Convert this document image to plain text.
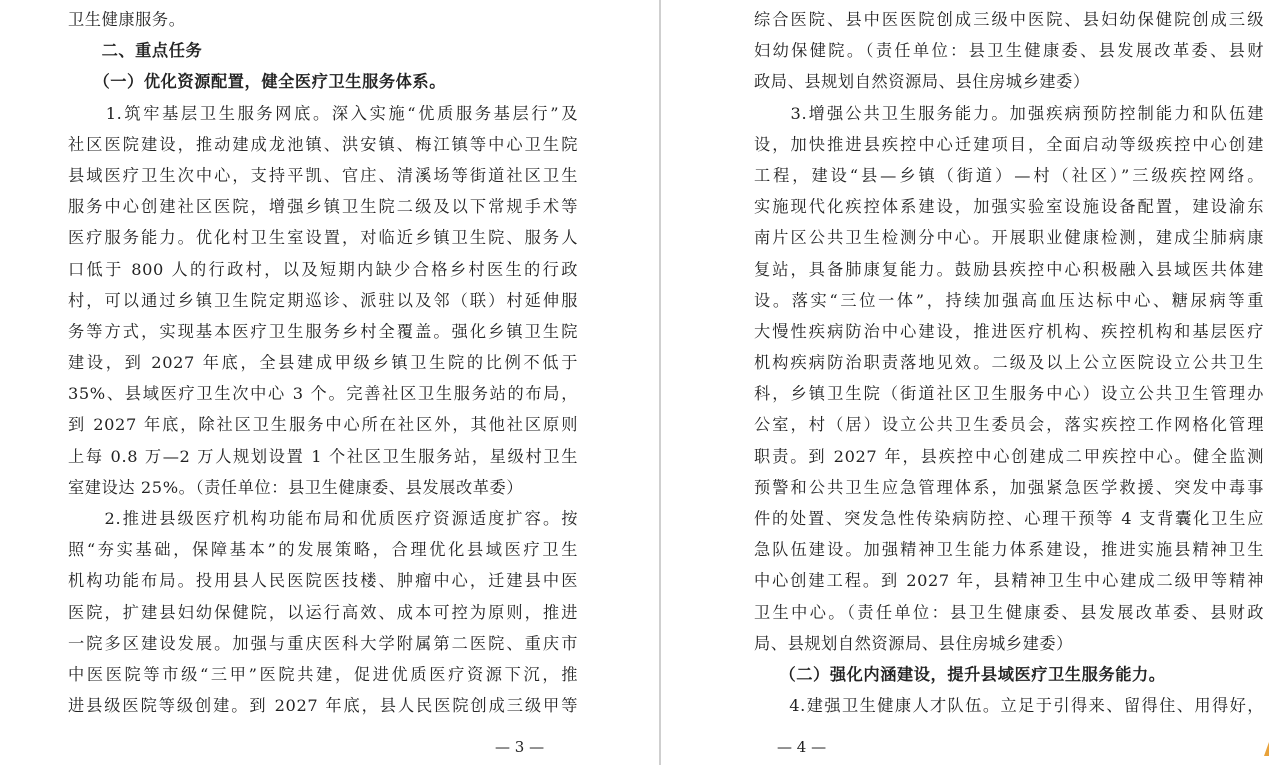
卫生健康服务。
　　二、重点任务
　　（一）优化资源配置，健全医疗卫生服务体系。
　　1.筑牢基层卫生服务网底。深入实施“优质服务基层行”及
社区医院建设，推动建成龙池镇、洪安镇、梅江镇等中心卫生院
县域医疗卫生次中心，支持平凯、官庄、清溪场等街道社区卫生
服务中心创建社区医院，增强乡镇卫生院二级及以下常规手术等
医疗服务能力。优化村卫生室设置，对临近乡镇卫生院、服务人
口低于 800 人的行政村，以及短期内缺少合格乡村医生的行政
村，可以通过乡镇卫生院定期巡诊、派驻以及邻（联）村延伸服
务等方式，实现基本医疗卫生服务乡村全覆盖。强化乡镇卫生院
建设，到 2027 年底，全县建成甲级乡镇卫生院的比例不低于
35%、县域医疗卫生次中心 3 个。完善社区卫生服务站的布局，
到 2027 年底，除社区卫生服务中心所在社区外，其他社区原则
上每 0.8 万—2 万人规划设置 1 个社区卫生服务站，星级村卫生
室建设达 25%。（责任单位：县卫生健康委、县发展改革委）
　　2.推进县级医疗机构功能布局和优质医疗资源适度扩容。按
照“夯实基础，保障基本”的发展策略，合理优化县域医疗卫生
机构功能布局。投用县人民医院医技楼、肿瘤中心，迁建县中医
医院，扩建县妇幼保健院，以运行高效、成本可控为原则，推进
一院多区建设发展。加强与重庆医科大学附属第二医院、重庆市
中医医院等市级“三甲”医院共建，促进优质医疗资源下沉，推
进县级医院等级创建。到 2027 年底，县人民医院创成三级甲等
— 3 —
综合医院、县中医医院创成三级中医院、县妇幼保健院创成三级
妇幼保健院。（责任单位：县卫生健康委、县发展改革委、县财
政局、县规划自然资源局、县住房城乡建委）
　　3.增强公共卫生服务能力。加强疾病预防控制能力和队伍建
设，加快推进县疾控中心迁建项目，全面启动等级疾控中心创建
工程，建设“县—乡镇（街道）—村（社区）”三级疾控网络。
实施现代化疾控体系建设，加强实验室设施设备配置，建设渝东
南片区公共卫生检测分中心。开展职业健康检测，建成尘肺病康
复站，具备肺康复能力。鼓励县疾控中心积极融入县域医共体建
设。落实“三位一体”，持续加强高血压达标中心、糖尿病等重
大慢性疾病防治中心建设，推进医疗机构、疾控机构和基层医疗
机构疾病防治职责落地见效。二级及以上公立医院设立公共卫生
科，乡镇卫生院（街道社区卫生服务中心）设立公共卫生管理办
公室，村（居）设立公共卫生委员会，落实疾控工作网格化管理
职责。到 2027 年，县疾控中心创建成二甲疾控中心。健全监测
预警和公共卫生应急管理体系，加强紧急医学救援、突发中毒事
件的处置、突发急性传染病防控、心理干预等 4 支背囊化卫生应
急队伍建设。加强精神卫生能力体系建设，推进实施县精神卫生
中心创建工程。到 2027 年，县精神卫生中心建成二级甲等精神
卫生中心。（责任单位：县卫生健康委、县发展改革委、县财政
局、县规划自然资源局、县住房城乡建委）
　　（二）强化内涵建设，提升县域医疗卫生服务能力。
　　4.建强卫生健康人才队伍。立足于引得来、留得住、用得好，
— 4 —
